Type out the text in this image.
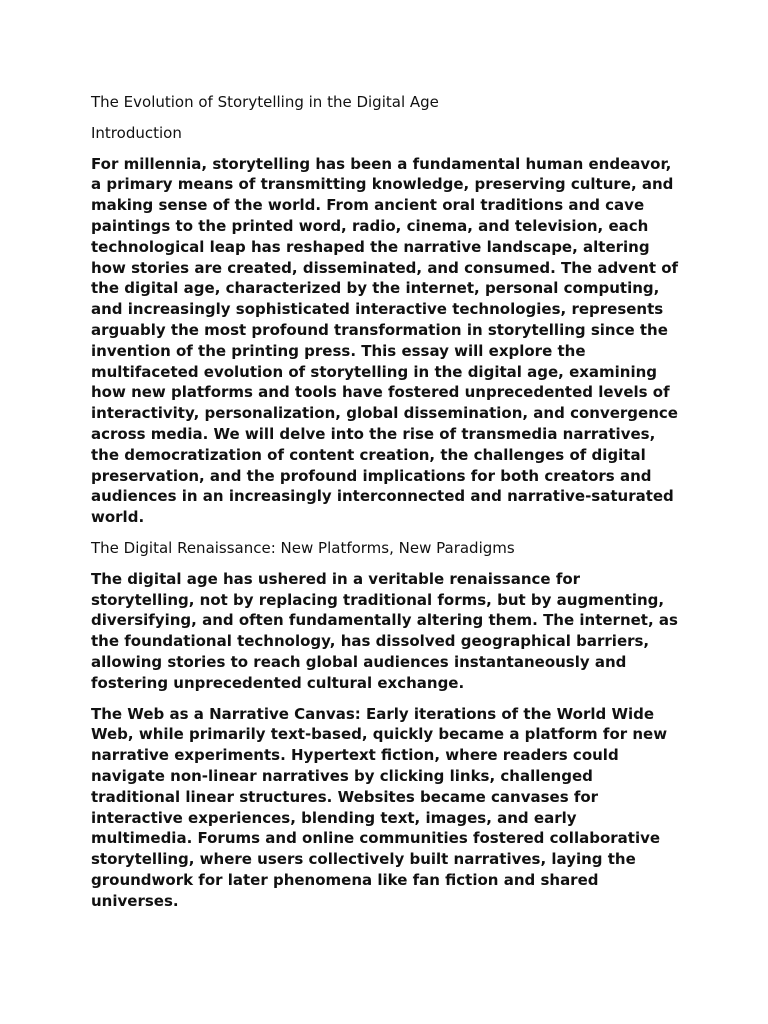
The Evolution of Storytelling in the Digital Age

Introduction

For millennia, storytelling has been a fundamental human endeavor, a primary means of transmitting knowledge, preserving culture, and making sense of the world. From ancient oral traditions and cave paintings to the printed word, radio, cinema, and television, each technological leap has reshaped the narrative landscape, altering how stories are created, disseminated, and consumed. The advent of the digital age, characterized by the internet, personal computing, and increasingly sophisticated interactive technologies, represents arguably the most profound transformation in storytelling since the invention of the printing press. This essay will explore the multifaceted evolution of storytelling in the digital age, examining how new platforms and tools have fostered unprecedented levels of interactivity, personalization, global dissemination, and convergence across media. We will delve into the rise of transmedia narratives, the democratization of content creation, the challenges of digital preservation, and the profound implications for both creators and audiences in an increasingly interconnected and narrative-saturated world.

The Digital Renaissance: New Platforms, New Paradigms

The digital age has ushered in a veritable renaissance for storytelling, not by replacing traditional forms, but by augmenting, diversifying, and often fundamentally altering them. The internet, as the foundational technology, has dissolved geographical barriers, allowing stories to reach global audiences instantaneously and fostering unprecedented cultural exchange.

The Web as a Narrative Canvas: Early iterations of the World Wide Web, while primarily text-based, quickly became a platform for new narrative experiments. Hypertext fiction, where readers could navigate non-linear narratives by clicking links, challenged traditional linear structures. Websites became canvases for interactive experiences, blending text, images, and early multimedia. Forums and online communities fostered collaborative storytelling, where users collectively built narratives, laying the groundwork for later phenomena like fan fiction and shared universes.
